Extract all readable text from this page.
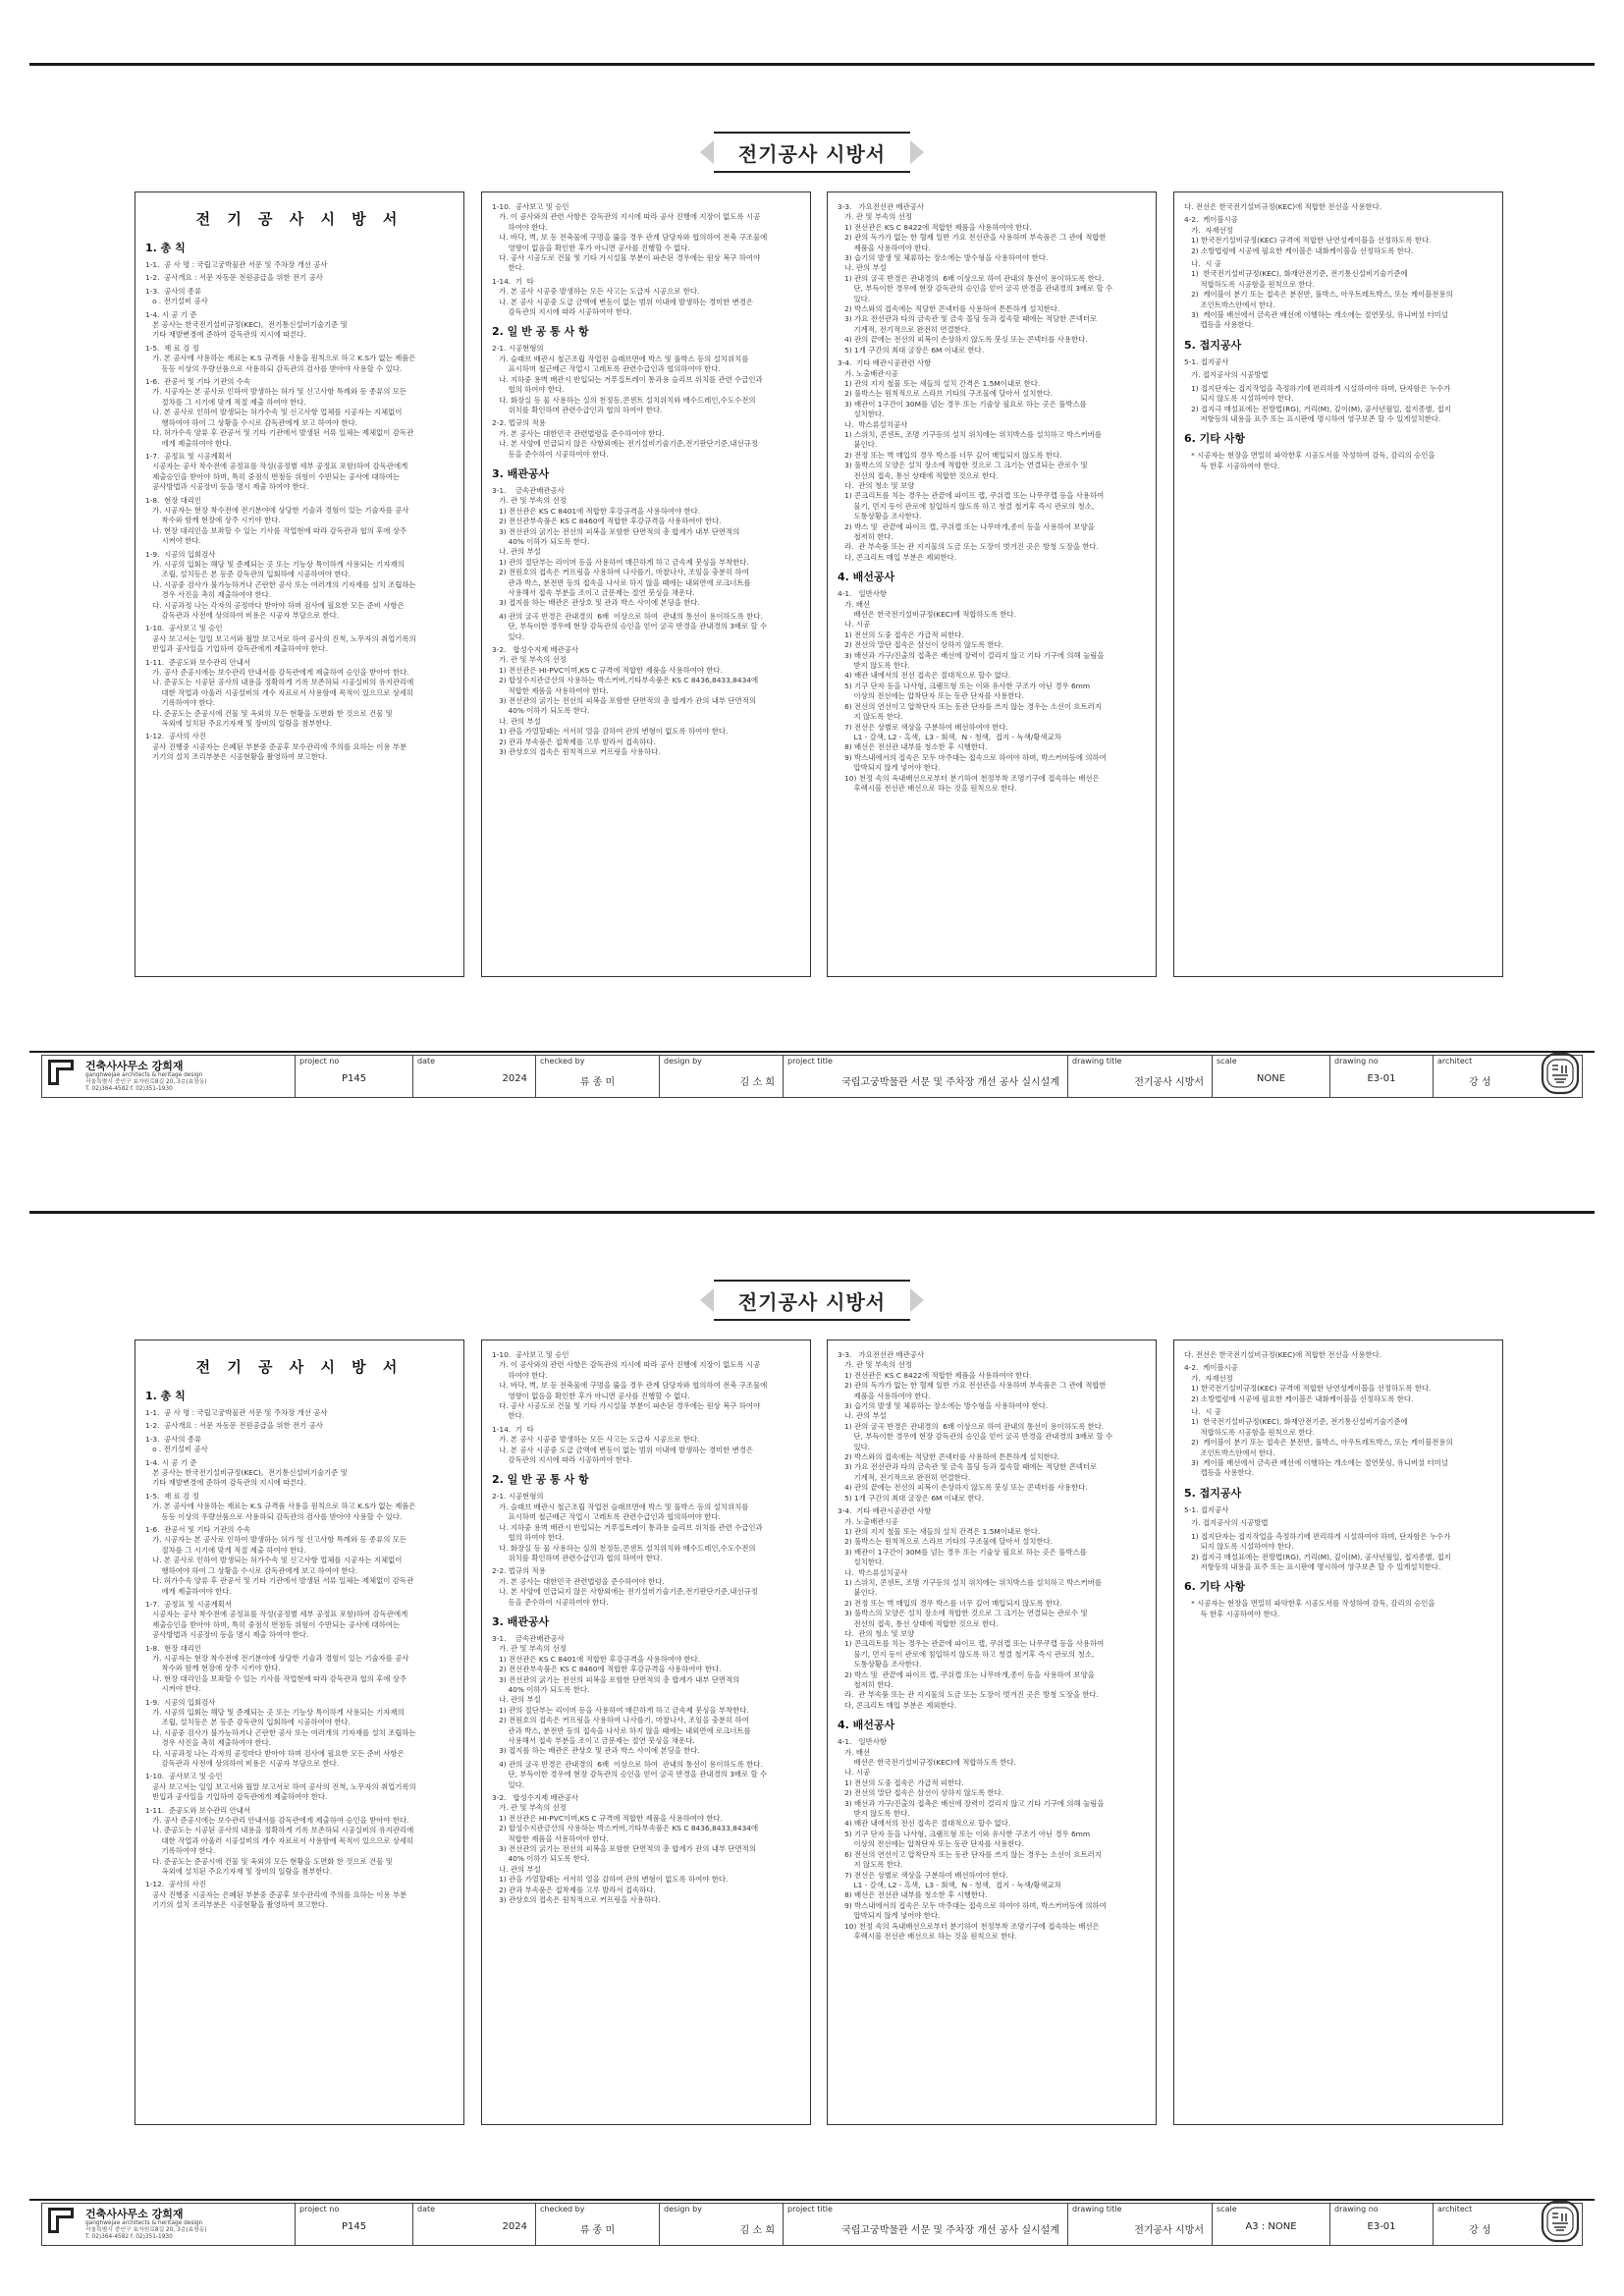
전기공사 시방서
전 기 공 사 시 방 서
1. 총 칙
1-1.  공 사 명 : 국립고궁박물관 서문 및 주차장 개선 공사
1-2.  공사개요 : 서문 자동문 전원공급을 위한 전기 공사
1-3.  공사의 종류
o . 전기설비 공사
1-4. 시 공 기 준
본 공사는 한국전기설비규정(KEC),  전기통신설비기술기준 및
기타 재발변경에 준하여 감독관의 지시에 따른다.
1-5.  재 료 검 정
가. 본 공사에 사용하는 재료는 K.S 규격품 사용을 원칙으로 하고 K.S가 없는 제품은
동등 이상의 우량선품으로 사용하되 감독관의 검사를 받아야 사용할 수 있다.
1-6.  관공서 및 기타 기관의 수속
가. 시공자는 본 공사로 인하여 발생하는 허가 및 신고사항 특례와 등 종류의 모든
절차를 그 시기에 맞게 적절 제출 하여야 한다.
나. 본 공사로 인하여 발생되는 허가수속 및 신고사항 업체를 시공자는 지체없이
행하여야 하여 그 상황을 수시로 감독관에게 보고 하여야 한다.
다. 허가수속 양류 후 관공서 및 기타 기관에서 발생된 서류 일체는 제체없이 감독관
에게 제출하여야 한다.
1-7.  공정표 및 시공계획서
시공자는 공사 착수전에 공정표를 작성(공정별 세부 공정표 포함)하여 감독관에게
제출승인을 받아야 하며, 특히 중점식 번점등 위험이 수반되는 공사에 대하여는
공사방법과 시공장비 등을 명시 제출 하여야 한다.
1-8.  현장 대리인
가. 시공자는 현장 착수전에 전기분야에 상당한 기술과 경험이 있는 기술자를 공사
착수와 함께 현장에 상주 시키야 한다.
나. 현장 대리인을 보좌할 수 있는 기사를 작업현에 따라 감독관과 협의 후에 상주
시켜야 한다.
1-9.  시공의 입회검사
가. 시공의 입회는 해당 및 준제되는 곳 또는 기능상 특이하게 사용되는 기자재의
조립, 설치등은 본 등준 감독관의 입회하에 시공하여야 한다.
나. 시공중 검사가 불가능하거나 곤란한 공사 또는 여러개의 기자재를 설치 조립하는
경우 사진을 촉히 제출하여야 한다.
다. 시공과정 나는 각자의 공정마다 받아야 하며 검사에 필요한 모든 준비 사항은
감독관과 사전에 상의하여 비용은 시공자 부담으로 한다.
1-10.  공사보고 및 승인
공사 보고서는 일일 보고서와 월말 보고서로 하여 공사의 진척, 노무자의 취업기록의
반입과 공사일을 기입하여 감독관에게 제출하여야 한다.
1-11.  준공도와 보수관리 안내서
가. 공사 준공시에는 보수관리 안내서를 감독관에게 제출하여 승인을 받아야 한다.
나. 준공도는 시공된 공사의 내용을 정확하게 기록 보존하되 시공실비의 유지관리에
대한 작업과 아울러 시공설비의 개수 자료로서 사용함에 목적이 있으므로 상세히
기록하여야 한다.
다. 준공도는 준공시에 건물 및 옥외의 모든 현황을 도면화 한 것으로 건물 및
옥외에 설치된 주요기자재 및 장비의 일람을 첨부한다.
1-12.  공사의 사진
공사 진행중 시공자는 은폐된 부분중 준공후 보수관리에 주의를 요하는 이용 부분
기기의 설치 조리부분은 시공현황을 촬영하여 보고한다.
1-10.  공사보고 및 승인
가. 이 공사와의 관련 사항은 감독관의 지시에 따라 공사 진행에 지장이 없도록 시공
하여야 한다.
나. 바닥, 벽, 보 등 전축물에 구멍을 뚫을 경우 관계 담당자와 협의하여 전축 구조물에
영향이 없음을 확인한 후가 아니면 공사를 진행할 수 없다.
다. 공사 시공도로 건물 및 기타 가시설물 부분이 파손된 경우에는 원상 복구 하여야
한다.
1-14.  기  타
가. 본 공사 시공중 발생하는 모든 사고는 도급자 시공으로 한다.
나. 본 공사 시공중 도급 금액에 변동이 없는 범위 이내에 발생하는 경미한 변경은
감독관의 지시에 따라 시공하여야 한다.
2. 일 반 공 통 사 항
2-1. 시공현형의
가. 슬래브 배관시 철근조립 작업전 슬래브면에 박스 및 풀박스 등의 설치위치를
표시하며 철근배근 작업시 고레토록 관련수급인과 협의하여야 한다.
나. 지하중 용벽 배관시 반입되는 거푸집트레이 통과용 슬리브 위치를 관련 수급인과
협의 하여야 한다.
다. 화장실 등 물 사용하는 실의 천정등,콘센트 설치위치와 배수드레인,수도수전의
위치를 확인하며 관련수급인과 협의 하여야 한다.
2-2. 법규의 적용
가. 본 공사는 대한민국 관련법령을 준수하여야 한다.
나. 본 사양에 언급되지 않은 사항외에는 전기설비기술기준,전기판단기준,내선규정
등을 준수하여 시공하여야 한다.
3. 배관공사
3-1.    금속관배관공사
가. 관 및 부속의 선정
1) 전선관은 KS C 8401에 적합한 후강규격을 사용하여야 한다.
2) 전선관부속품은 KS C 8460에 적합한 후강규격을 사용하여야 한다.
3) 전선관의 굵기는 전선의 피복을 포함한 단면적의 총 합계가 내부 단면적의
40% 이하가 되도록 한다.
나. 관의 부설
1) 관의 절단부는 리이머 등을 사용하여 매끈하게 하고 금속제 붓싱을 부착한다.
2) 전원호의 접속은 커프링을 사용하여 나사를기, 마찰나사, 조임을 충분히 하여
관과 박스, 분전반 등의 접속을 나사로 하지 않을 때에는 내외면에 로크너트를
사용해서 접속 부분을 조이고 금문제는 절연 붓싱을 채운다.
3) 접지를 하는 배관은 관상호 및 관과 박스 사이에 본딩을 한다.
4) 관의 굴곡 반경은 관내경의  6배  이상으로 하여  관내의 통선이 용이하도록 한다.
단, 부득이한 경우에 현장 감독관의 승인을 얻어 굴곡 반경을 관내경의 3배로 할 수
있다.
3-2.   합성수지제 배관공사
가. 관 및 부속의 선정
1) 전선관은 HI-PVC이며,KS C 규격에 적합한 제품을 사용하여야 한다.
2) 합성수지관금산의 사용하는 박스커버,기타부속품은 KS C 8436,8433,8434에
적합한 제품을 사용하여야 한다.
3) 전선관의 굵기는 전선의 피복을 포함한 단면적의 총 합계가 관의 내부 단면적의
40% 이하가 되도록 한다.
나. 관의 부설
1) 관을 가열할때는 서서히 열을 감하여 관의 변형이 없도록 하여야 한다.
2) 관과 부속품은 접착제를 고루 발라서 접속하다.
3) 관상호의 접속은 원칙적으로 커프링을 사용하다.
3-3.   가요전선관 배관공사
가. 관 및 부속의 선정
1) 전선관은 KS C 8422에 적합한 제품을 사용하여야 한다.
2) 관의 독가가 없는 한 혈제 일반 가요 전선관을 사용하며 부속품은 그 관에 적합한
제품을 사용하여야 한다.
3) 습기의 발생 및 체류하는 장소에는 방수형을 사용하여야 한다.
나. 관의 부설
1) 관의 굴곡 반경은 관내경의  6배 이상으로 하여 관내의 통선이 용이하도록 한다.
단, 부득이한 경우에 현장 감독관의 승인을 얻어 굴곡 반경을 관내경의 3배로 할 수
있다.
2) 박스와의 접속에는 적당한 콘넥터를 사용하여 튼튼하게 설치한다.
3) 가요 전선관과 타의 금속관 및 금속 몰딩 등과 접속할 때에는 적당한 콘넥터로
기계적, 전기적으로 완전히 연결한다.
4) 관의 끝에는 전선의 피복이 손상하지 않도록 붓싱 또는 콘넥터를 사용한다.
5) 1개 구간의 최대 굴장은 6M 이내로 한다.
3-4.  기타 배관시공관련 사항
가. 노출배관시공
1) 관의 지지 철물 또는 새들의 설치 간격은 1.5M이내로 한다.
2) 풀박스는 원칙적으로 스라브 기타의 구조물에 달아서 설치한다.
3) 배관이 1구간이 30M를 넘는 경우 또는 기술상 필요로 하는 곳은 풀박스를
설치한다.
나.  박스류설치공사
1) 스위치, 콘센트, 조명 기구등의 설치 위치에는 위치박스를 설치하고 박스커버를
붙인다.
2) 전정 또는 벽 매입의 경우 박스를 너무 깊어 매입되지 않도록 한다.
3) 풀박스의 모양은 설치 장소에 적합한 것으로 그 크기는 연결되는 관로수 및
전선의 접속, 통선 상태에 적합한 것으로 한다.
다.  관의 청소 및 보양
1) 콘크리트를 치는 경우는 관끝에 파이프 캡, 쿠쉬캡 또는 나무쿠캡 등을 사용하여
물기, 먼지 등이 관로에 침입하지 않도록 하고 청결 철거후 즉시 관로의 청소,
도통상황을 조사한다.
2) 박스 및  관끝에 파이프 캡, 쿠쉬캡 또는 나무마개,종이 등을 사용하여 보양을
철저히 한다.
라.  관 부속품 또는 관 지지물의 도금 또는 도장이 벗겨진 곳은 방청 도장을 한다.
다, 콘크리트 매입 부분은 제외한다.
4. 배선공사
4-1.   일반사항
가. 배선
배선은 한국전기설비규정(KEC)에 적합하도록 한다.
나. 시공
1) 전선의 도중 접속은 가급적 피한다.
2) 전선의 말단 접속은 삼선이 상하지 않도록 한다.
3) 배선과 가구/진출의 접촉은 배선에 장력이 걸리지 않고 기타 기구에 의해 눌림을
받지 않도록 한다.
4) 배관 내에서의 전선 접속은 절대적으로 할수 없다.
5) 기구 단자 등을 나사형, 크램프형 또는 이와 유사한 구조가 아닌 경우 6mm
이상의 전선에는 압착단자 또는 동관 단자를 사용한다.
6) 전선의 연선이고 압착단자 또는 동관 단자를 쓰지 않는 경우는 소선이 흐트러지
지 않도록 한다.
7) 전선은 상별로 색상을 구분하여 배선하여야 한다.
L1 - 갈색, L2 - 흑색,  L3 - 회색,  N - 청색,  접지 - 녹색/황색교차
8) 배선은 전선관 내부를 청소한 후 시행한다.
9) 박스내에서의 접속은 모두 마주대는 접속으로 하여야 하며, 박스커버등에 의하여
압박되지 않게 넣어야 한다.
10) 천정 속의 옥내배선으로부터 분기하여 천정부착 조명기구에 접속하는 배선은
후렉시블 전선관 배선으로 하는 것을 원칙으로 한다.
다. 전선은 한국전기설비규정(KEC)에 적합한 전선을 사용한다.
4-2.  케이블시공
가.  자재선정
1) 한국전기설비규정(KEC) 규격에 적합한 난연성케이블을 선정하도록 한다.
2) 소방법령에 시공에 필요한 케이블은 내화케이블을 선정하도록 한다.
나.  시 공
1)  한국전기설비규정(KEC), 화재안전기준, 전기통신설비기술기준에
적합하도록 시공함을 원칙으로 한다.
2)  케이블이 분기 또는 접속은 분전반, 풀박스, 아우트레트박스, 또는 케이블전용의
조인트박스안에서 한다.
3)  케이블 배선에서 금속관 배선에 이행하는 개소에는 절연붓싱, 유니버셜 터미널
캡등을 사용한다.
5. 접지공사
5-1. 접지공사
가. 접지공사의 시공방법
1) 접지단자는 접지작업을 측정하기에 편리하게 시설하여야 하며, 단자함은 누수가
되지 않도록 시설하여야 한다.
2) 접지극 매설표에는 전방법(RG), 거리(M), 깊이(M), 공사년월일, 접지종별, 접지
저항등의 내용을 표주 또는 표시판에 명시하여 영구보존 할 수 있게설치한다.
6. 기타 사항
* 시공자는 현장을 면밀히 파악한후 시공도서를 작성하여 감독, 감리의 승인을
득 한후 시공하여야 한다.
건축사사무소 강희재
ganghwejae architects & heritage design
서울특별시 중인구 효자원로8길 20, 3층(효창동)
T. 02)364-4582 f. 02)351-1930
project no
P145
date
2024
checked by
류 종 미
design by
김 소 희
project title
국립고궁박물관 서문 및 주차장 개선 공사 실시설계
drawing title
전기공사 시방서
scale
NONE
drawing no
E3-01
architect
강 성
전기공사 시방서
전 기 공 사 시 방 서
1. 총 칙
1-1.  공 사 명 : 국립고궁박물관 서문 및 주차장 개선 공사
1-2.  공사개요 : 서문 자동문 전원공급을 위한 전기 공사
1-3.  공사의 종류
o . 전기설비 공사
1-4. 시 공 기 준
본 공사는 한국전기설비규정(KEC),  전기통신설비기술기준 및
기타 재발변경에 준하여 감독관의 지시에 따른다.
1-5.  재 료 검 정
가. 본 공사에 사용하는 재료는 K.S 규격품 사용을 원칙으로 하고 K.S가 없는 제품은
동등 이상의 우량선품으로 사용하되 감독관의 검사를 받아야 사용할 수 있다.
1-6.  관공서 및 기타 기관의 수속
가. 시공자는 본 공사로 인하여 발생하는 허가 및 신고사항 특례와 등 종류의 모든
절차를 그 시기에 맞게 적절 제출 하여야 한다.
나. 본 공사로 인하여 발생되는 허가수속 및 신고사항 업체를 시공자는 지체없이
행하여야 하여 그 상황을 수시로 감독관에게 보고 하여야 한다.
다. 허가수속 양류 후 관공서 및 기타 기관에서 발생된 서류 일체는 제체없이 감독관
에게 제출하여야 한다.
1-7.  공정표 및 시공계획서
시공자는 공사 착수전에 공정표를 작성(공정별 세부 공정표 포함)하여 감독관에게
제출승인을 받아야 하며, 특히 중점식 번점등 위험이 수반되는 공사에 대하여는
공사방법과 시공장비 등을 명시 제출 하여야 한다.
1-8.  현장 대리인
가. 시공자는 현장 착수전에 전기분야에 상당한 기술과 경험이 있는 기술자를 공사
착수와 함께 현장에 상주 시키야 한다.
나. 현장 대리인을 보좌할 수 있는 기사를 작업현에 따라 감독관과 협의 후에 상주
시켜야 한다.
1-9.  시공의 입회검사
가. 시공의 입회는 해당 및 준제되는 곳 또는 기능상 특이하게 사용되는 기자재의
조립, 설치등은 본 등준 감독관의 입회하에 시공하여야 한다.
나. 시공중 검사가 불가능하거나 곤란한 공사 또는 여러개의 기자재를 설치 조립하는
경우 사진을 촉히 제출하여야 한다.
다. 시공과정 나는 각자의 공정마다 받아야 하며 검사에 필요한 모든 준비 사항은
감독관과 사전에 상의하여 비용은 시공자 부담으로 한다.
1-10.  공사보고 및 승인
공사 보고서는 일일 보고서와 월말 보고서로 하여 공사의 진척, 노무자의 취업기록의
반입과 공사일을 기입하여 감독관에게 제출하여야 한다.
1-11.  준공도와 보수관리 안내서
가. 공사 준공시에는 보수관리 안내서를 감독관에게 제출하여 승인을 받아야 한다.
나. 준공도는 시공된 공사의 내용을 정확하게 기록 보존하되 시공실비의 유지관리에
대한 작업과 아울러 시공설비의 개수 자료로서 사용함에 목적이 있으므로 상세히
기록하여야 한다.
다. 준공도는 준공시에 건물 및 옥외의 모든 현황을 도면화 한 것으로 건물 및
옥외에 설치된 주요기자재 및 장비의 일람을 첨부한다.
1-12.  공사의 사진
공사 진행중 시공자는 은폐된 부분중 준공후 보수관리에 주의를 요하는 이용 부분
기기의 설치 조리부분은 시공현황을 촬영하여 보고한다.
1-10.  공사보고 및 승인
가. 이 공사와의 관련 사항은 감독관의 지시에 따라 공사 진행에 지장이 없도록 시공
하여야 한다.
나. 바닥, 벽, 보 등 전축물에 구멍을 뚫을 경우 관계 담당자와 협의하여 전축 구조물에
영향이 없음을 확인한 후가 아니면 공사를 진행할 수 없다.
다. 공사 시공도로 건물 및 기타 가시설물 부분이 파손된 경우에는 원상 복구 하여야
한다.
1-14.  기  타
가. 본 공사 시공중 발생하는 모든 사고는 도급자 시공으로 한다.
나. 본 공사 시공중 도급 금액에 변동이 없는 범위 이내에 발생하는 경미한 변경은
감독관의 지시에 따라 시공하여야 한다.
2. 일 반 공 통 사 항
2-1. 시공현형의
가. 슬래브 배관시 철근조립 작업전 슬래브면에 박스 및 풀박스 등의 설치위치를
표시하며 철근배근 작업시 고레토록 관련수급인과 협의하여야 한다.
나. 지하중 용벽 배관시 반입되는 거푸집트레이 통과용 슬리브 위치를 관련 수급인과
협의 하여야 한다.
다. 화장실 등 물 사용하는 실의 천정등,콘센트 설치위치와 배수드레인,수도수전의
위치를 확인하며 관련수급인과 협의 하여야 한다.
2-2. 법규의 적용
가. 본 공사는 대한민국 관련법령을 준수하여야 한다.
나. 본 사양에 언급되지 않은 사항외에는 전기설비기술기준,전기판단기준,내선규정
등을 준수하여 시공하여야 한다.
3. 배관공사
3-1.    금속관배관공사
가. 관 및 부속의 선정
1) 전선관은 KS C 8401에 적합한 후강규격을 사용하여야 한다.
2) 전선관부속품은 KS C 8460에 적합한 후강규격을 사용하여야 한다.
3) 전선관의 굵기는 전선의 피복을 포함한 단면적의 총 합계가 내부 단면적의
40% 이하가 되도록 한다.
나. 관의 부설
1) 관의 절단부는 리이머 등을 사용하여 매끈하게 하고 금속제 붓싱을 부착한다.
2) 전원호의 접속은 커프링을 사용하여 나사를기, 마찰나사, 조임을 충분히 하여
관과 박스, 분전반 등의 접속을 나사로 하지 않을 때에는 내외면에 로크너트를
사용해서 접속 부분을 조이고 금문제는 절연 붓싱을 채운다.
3) 접지를 하는 배관은 관상호 및 관과 박스 사이에 본딩을 한다.
4) 관의 굴곡 반경은 관내경의  6배  이상으로 하여  관내의 통선이 용이하도록 한다.
단, 부득이한 경우에 현장 감독관의 승인을 얻어 굴곡 반경을 관내경의 3배로 할 수
있다.
3-2.   합성수지제 배관공사
가. 관 및 부속의 선정
1) 전선관은 HI-PVC이며,KS C 규격에 적합한 제품을 사용하여야 한다.
2) 합성수지관금산의 사용하는 박스커버,기타부속품은 KS C 8436,8433,8434에
적합한 제품을 사용하여야 한다.
3) 전선관의 굵기는 전선의 피복을 포함한 단면적의 총 합계가 관의 내부 단면적의
40% 이하가 되도록 한다.
나. 관의 부설
1) 관을 가열할때는 서서히 열을 감하여 관의 변형이 없도록 하여야 한다.
2) 관과 부속품은 접착제를 고루 발라서 접속하다.
3) 관상호의 접속은 원칙적으로 커프링을 사용하다.
3-3.   가요전선관 배관공사
가. 관 및 부속의 선정
1) 전선관은 KS C 8422에 적합한 제품을 사용하여야 한다.
2) 관의 독가가 없는 한 혈제 일반 가요 전선관을 사용하며 부속품은 그 관에 적합한
제품을 사용하여야 한다.
3) 습기의 발생 및 체류하는 장소에는 방수형을 사용하여야 한다.
나. 관의 부설
1) 관의 굴곡 반경은 관내경의  6배 이상으로 하여 관내의 통선이 용이하도록 한다.
단, 부득이한 경우에 현장 감독관의 승인을 얻어 굴곡 반경을 관내경의 3배로 할 수
있다.
2) 박스와의 접속에는 적당한 콘넥터를 사용하여 튼튼하게 설치한다.
3) 가요 전선관과 타의 금속관 및 금속 몰딩 등과 접속할 때에는 적당한 콘넥터로
기계적, 전기적으로 완전히 연결한다.
4) 관의 끝에는 전선의 피복이 손상하지 않도록 붓싱 또는 콘넥터를 사용한다.
5) 1개 구간의 최대 굴장은 6M 이내로 한다.
3-4.  기타 배관시공관련 사항
가. 노출배관시공
1) 관의 지지 철물 또는 새들의 설치 간격은 1.5M이내로 한다.
2) 풀박스는 원칙적으로 스라브 기타의 구조물에 달아서 설치한다.
3) 배관이 1구간이 30M를 넘는 경우 또는 기술상 필요로 하는 곳은 풀박스를
설치한다.
나.  박스류설치공사
1) 스위치, 콘센트, 조명 기구등의 설치 위치에는 위치박스를 설치하고 박스커버를
붙인다.
2) 전정 또는 벽 매입의 경우 박스를 너무 깊어 매입되지 않도록 한다.
3) 풀박스의 모양은 설치 장소에 적합한 것으로 그 크기는 연결되는 관로수 및
전선의 접속, 통선 상태에 적합한 것으로 한다.
다.  관의 청소 및 보양
1) 콘크리트를 치는 경우는 관끝에 파이프 캡, 쿠쉬캡 또는 나무쿠캡 등을 사용하여
물기, 먼지 등이 관로에 침입하지 않도록 하고 청결 철거후 즉시 관로의 청소,
도통상황을 조사한다.
2) 박스 및  관끝에 파이프 캡, 쿠쉬캡 또는 나무마개,종이 등을 사용하여 보양을
철저히 한다.
라.  관 부속품 또는 관 지지물의 도금 또는 도장이 벗겨진 곳은 방청 도장을 한다.
다, 콘크리트 매입 부분은 제외한다.
4. 배선공사
4-1.   일반사항
가. 배선
배선은 한국전기설비규정(KEC)에 적합하도록 한다.
나. 시공
1) 전선의 도중 접속은 가급적 피한다.
2) 전선의 말단 접속은 삼선이 상하지 않도록 한다.
3) 배선과 가구/진출의 접촉은 배선에 장력이 걸리지 않고 기타 기구에 의해 눌림을
받지 않도록 한다.
4) 배관 내에서의 전선 접속은 절대적으로 할수 없다.
5) 기구 단자 등을 나사형, 크램프형 또는 이와 유사한 구조가 아닌 경우 6mm
이상의 전선에는 압착단자 또는 동관 단자를 사용한다.
6) 전선의 연선이고 압착단자 또는 동관 단자를 쓰지 않는 경우는 소선이 흐트러지
지 않도록 한다.
7) 전선은 상별로 색상을 구분하여 배선하여야 한다.
L1 - 갈색, L2 - 흑색,  L3 - 회색,  N - 청색,  접지 - 녹색/황색교차
8) 배선은 전선관 내부를 청소한 후 시행한다.
9) 박스내에서의 접속은 모두 마주대는 접속으로 하여야 하며, 박스커버등에 의하여
압박되지 않게 넣어야 한다.
10) 천정 속의 옥내배선으로부터 분기하여 천정부착 조명기구에 접속하는 배선은
후렉시블 전선관 배선으로 하는 것을 원칙으로 한다.
다. 전선은 한국전기설비규정(KEC)에 적합한 전선을 사용한다.
4-2.  케이블시공
가.  자재선정
1) 한국전기설비규정(KEC) 규격에 적합한 난연성케이블을 선정하도록 한다.
2) 소방법령에 시공에 필요한 케이블은 내화케이블을 선정하도록 한다.
나.  시 공
1)  한국전기설비규정(KEC), 화재안전기준, 전기통신설비기술기준에
적합하도록 시공함을 원칙으로 한다.
2)  케이블이 분기 또는 접속은 분전반, 풀박스, 아우트레트박스, 또는 케이블전용의
조인트박스안에서 한다.
3)  케이블 배선에서 금속관 배선에 이행하는 개소에는 절연붓싱, 유니버셜 터미널
캡등을 사용한다.
5. 접지공사
5-1. 접지공사
가. 접지공사의 시공방법
1) 접지단자는 접지작업을 측정하기에 편리하게 시설하여야 하며, 단자함은 누수가
되지 않도록 시설하여야 한다.
2) 접지극 매설표에는 전방법(RG), 거리(M), 깊이(M), 공사년월일, 접지종별, 접지
저항등의 내용을 표주 또는 표시판에 명시하여 영구보존 할 수 있게설치한다.
6. 기타 사항
* 시공자는 현장을 면밀히 파악한후 시공도서를 작성하여 감독, 감리의 승인을
득 한후 시공하여야 한다.
건축사사무소 강희재
ganghwejae architects & heritage design
서울특별시 중인구 효자원로8길 20, 3층(효창동)
T. 02)364-4582 f. 02)351-1930
project no
P145
date
2024
checked by
류 종 미
design by
김 소 희
project title
국립고궁박물관 서문 및 주차장 개선 공사 실시설계
drawing title
전기공사 시방서
scale
A3 : NONE
drawing no
E3-01
architect
강 성
